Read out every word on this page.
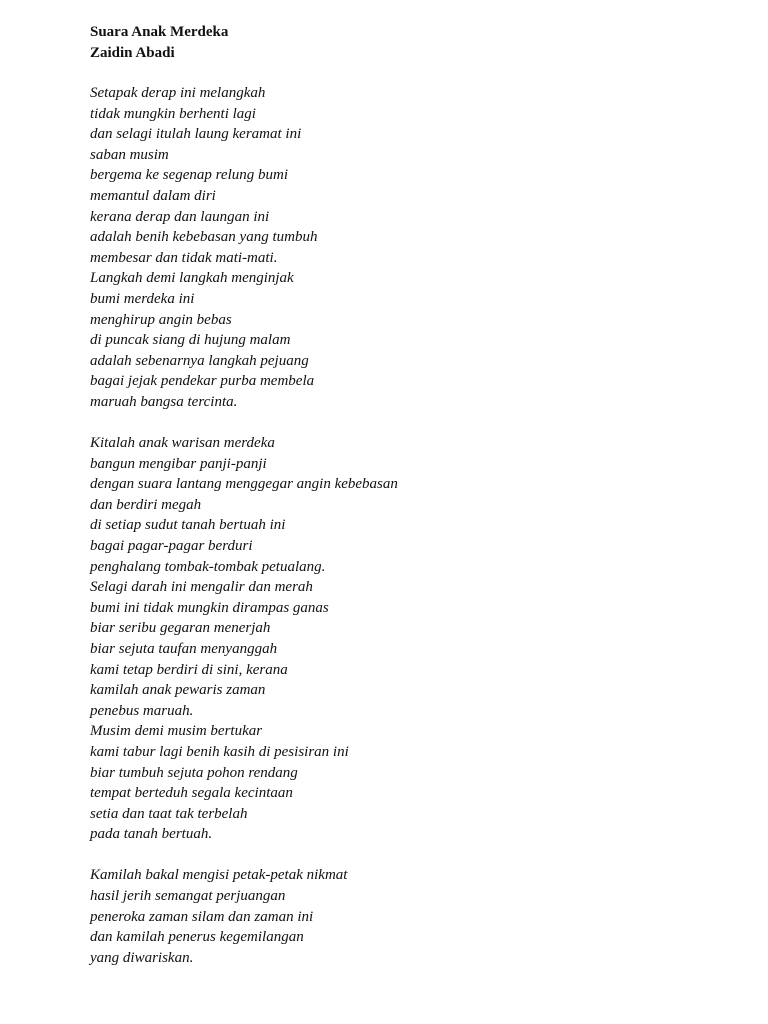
Suara Anak Merdeka
Zaidin Abadi
Setapak derap ini melangkah
tidak mungkin berhenti lagi
dan selagi itulah laung keramat ini
saban musim
bergema ke segenap relung bumi
memantul dalam diri
kerana derap dan laungan ini
adalah benih kebebasan yang tumbuh
membesar dan tidak mati-mati.
Langkah demi langkah menginjak
bumi merdeka ini
menghirup angin bebas
di puncak siang di hujung malam
adalah sebenarnya langkah pejuang
bagai jejak pendekar purba membela
maruah bangsa tercinta.
Kitalah anak warisan merdeka
bangun mengibar panji-panji
dengan suara lantang menggegar angin kebebasan
dan berdiri megah
di setiap sudut tanah bertuah ini
bagai pagar-pagar berduri
penghalang tombak-tombak petualang.
Selagi darah ini mengalir dan merah
bumi ini tidak mungkin dirampas ganas
biar seribu gegaran menerjah
biar sejuta taufan menyanggah
kami tetap berdiri di sini, kerana
kamilah anak pewaris zaman
penebus maruah.
Musim demi musim bertukar
kami tabur lagi benih kasih di pesisiran ini
biar tumbuh sejuta pohon rendang
tempat berteduh segala kecintaan
setia dan taat tak terbelah
pada tanah bertuah.
Kamilah bakal mengisi petak-petak nikmat
hasil jerih semangat perjuangan
peneroka zaman silam dan zaman ini
dan kamilah penerus kegemilangan
yang diwariskan.
